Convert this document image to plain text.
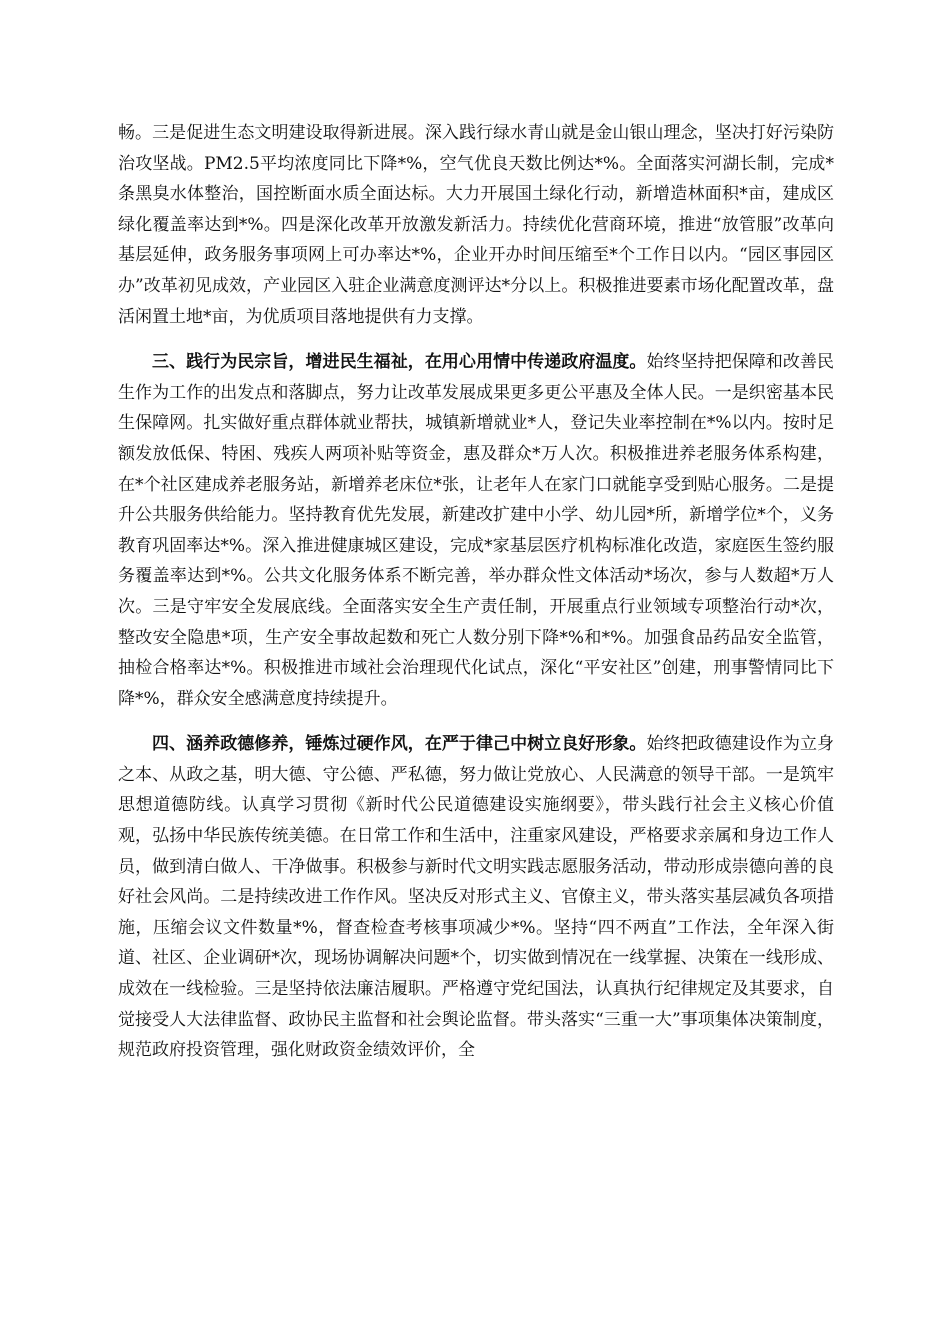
畅。三是促进生态文明建设取得新进展。深入践行绿水青山就是金山银山理念，坚决打好污染防治攻坚战。PM2.5平均浓度同比下降*%，空气优良天数比例达*%。全面落实河湖长制，完成*条黑臭水体整治，国控断面水质全面达标。大力开展国土绿化行动，新增造林面积*亩，建成区绿化覆盖率达到*%。四是深化改革开放激发新活力。持续优化营商环境，推进“放管服”改革向基层延伸，政务服务事项网上可办率达*%，企业开办时间压缩至*个工作日以内。“园区事园区办”改革初见成效，产业园区入驻企业满意度测评达*分以上。积极推进要素市场化配置改革，盘活闲置土地*亩，为优质项目落地提供有力支撑。

三、践行为民宗旨，增进民生福祉，在用心用情中传递政府温度。始终坚持把保障和改善民生作为工作的出发点和落脚点，努力让改革发展成果更多更公平惠及全体人民。一是织密基本民生保障网。扎实做好重点群体就业帮扶，城镇新增就业*人，登记失业率控制在*%以内。按时足额发放低保、特困、残疾人两项补贴等资金，惠及群众*万人次。积极推进养老服务体系构建，在*个社区建成养老服务站，新增养老床位*张，让老年人在家门口就能享受到贴心服务。二是提升公共服务供给能力。坚持教育优先发展，新建改扩建中小学、幼儿园*所，新增学位*个，义务教育巩固率达*%。深入推进健康城区建设，完成*家基层医疗机构标准化改造，家庭医生签约服务覆盖率达到*%。公共文化服务体系不断完善，举办群众性文体活动*场次，参与人数超*万人次。三是守牢安全发展底线。全面落实安全生产责任制，开展重点行业领域专项整治行动*次，整改安全隐患*项，生产安全事故起数和死亡人数分别下降*%和*%。加强食品药品安全监管，抽检合格率达*%。积极推进市域社会治理现代化试点，深化“平安社区”创建，刑事警情同比下降*%，群众安全感满意度持续提升。

四、涵养政德修养，锤炼过硬作风，在严于律己中树立良好形象。始终把政德建设作为立身之本、从政之基，明大德、守公德、严私德，努力做让党放心、人民满意的领导干部。一是筑牢思想道德防线。认真学习贯彻《新时代公民道德建设实施纲要》，带头践行社会主义核心价值观，弘扬中华民族传统美德。在日常工作和生活中，注重家风建设，严格要求亲属和身边工作人员，做到清白做人、干净做事。积极参与新时代文明实践志愿服务活动，带动形成崇德向善的良好社会风尚。二是持续改进工作作风。坚决反对形式主义、官僚主义，带头落实基层减负各项措施，压缩会议文件数量*%，督查检查考核事项减少*%。坚持“四不两直”工作法，全年深入街道、社区、企业调研*次，现场协调解决问题*个，切实做到情况在一线掌握、决策在一线形成、成效在一线检验。三是坚持依法廉洁履职。严格遵守党纪国法，认真执行纪律规定及其要求，自觉接受人大法律监督、政协民主监督和社会舆论监督。带头落实“三重一大”事项集体决策制度，规范政府投资管理，强化财政资金绩效评价，全
